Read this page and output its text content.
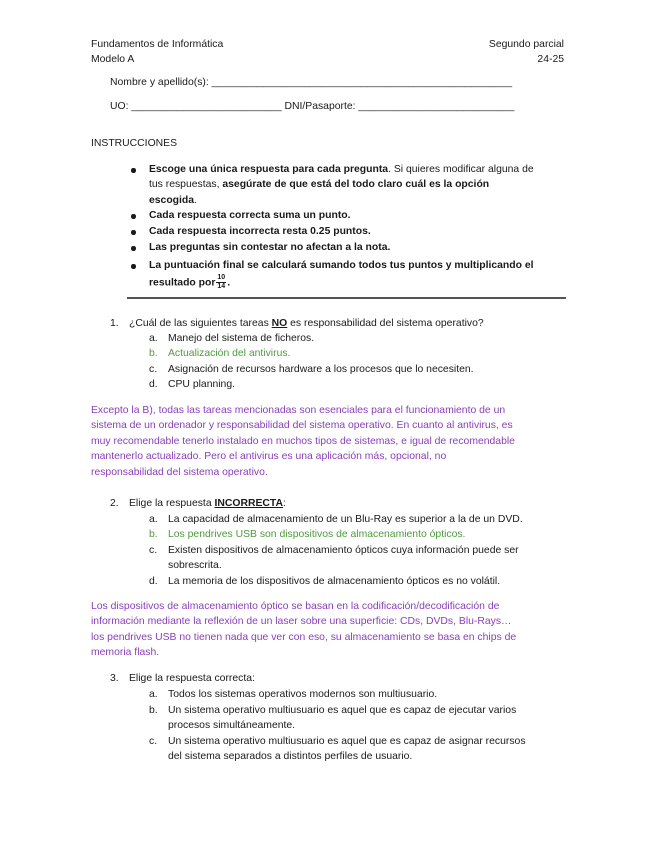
Fundamentos de Informática
Modelo A
Segundo parcial
24-25
Nombre y apellido(s): ____________________________________________________
UO: __________________________ DNI/Pasaporte: ___________________________
INSTRUCCIONES
Escoge una única respuesta para cada pregunta. Si quieres modificar alguna de
tus respuestas, asegúrate de que está del todo claro cuál es la opción
escogida.
Cada respuesta correcta suma un punto.
Cada respuesta incorrecta resta 0.25 puntos.
Las preguntas sin contestar no afectan a la nota.
La puntuación final se calculará sumando todos tus puntos y multiplicando el
resultado por $\frac{10}{14}$ .
1. ¿Cuál de las siguientes tareas NO es responsabilidad del sistema operativo?
a. Manejo del sistema de ficheros.
b. Actualización del antivirus.
c. Asignación de recursos hardware a los procesos que lo necesiten.
d. CPU planning.
Excepto la B), todas las tareas mencionadas son esenciales para el funcionamiento de un
sistema de un ordenador y responsabilidad del sistema operativo. En cuanto al antivirus, es
muy recomendable tenerlo instalado en muchos tipos de sistemas, e igual de recomendable
mantenerlo actualizado. Pero el antivirus es una aplicación más, opcional, no
responsabilidad del sistema operativo.
2. Elige la respuesta INCORRECTA:
a. La capacidad de almacenamiento de un Blu-Ray es superior a la de un DVD.
b. Los pendrives USB son dispositivos de almacenamiento ópticos.
c. Existen dispositivos de almacenamiento ópticos cuya información puede ser
sobrescrita.
d. La memoria de los dispositivos de almacenamiento ópticos es no volátil.
Los dispositivos de almacenamiento óptico se basan en la codificación/decodificación de
información mediante la reflexión de un laser sobre una superficie: CDs, DVDs, Blu-Rays…
los pendrives USB no tienen nada que ver con eso, su almacenamiento se basa en chips de
memoria flash.
3. Elige la respuesta correcta:
a. Todos los sistemas operativos modernos son multiusuario.
b. Un sistema operativo multiusuario es aquel que es capaz de ejecutar varios
procesos simultáneamente.
c. Un sistema operativo multiusuario es aquel que es capaz de asignar recursos
del sistema separados a distintos perfiles de usuario.
